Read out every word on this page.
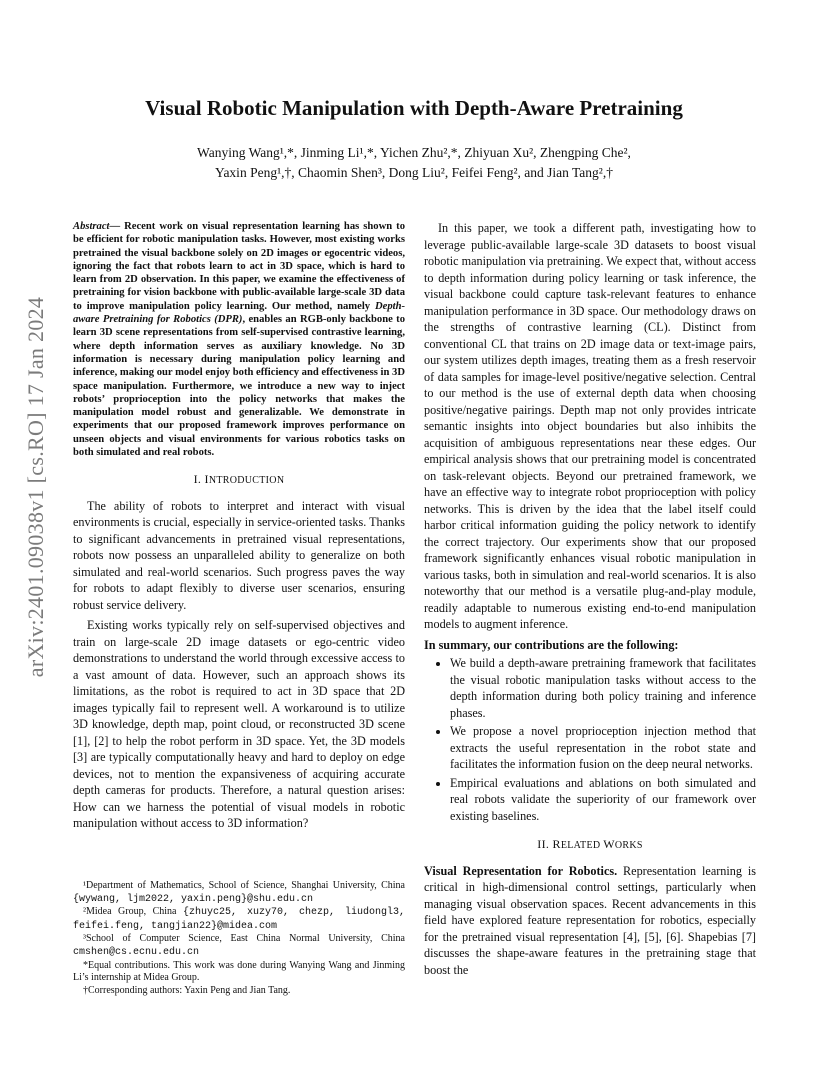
arXiv:2401.09038v1 [cs.RO] 17 Jan 2024
Visual Robotic Manipulation with Depth-Aware Pretraining
Wanying Wang¹,*, Jinming Li¹,*, Yichen Zhu²,*, Zhiyuan Xu², Zhengping Che²,
Yaxin Peng¹,†, Chaomin Shen³, Dong Liu², Feifei Feng², and Jian Tang²,†
Abstract— Recent work on visual representation learning has shown to be efficient for robotic manipulation tasks. However, most existing works pretrained the visual backbone solely on 2D images or egocentric videos, ignoring the fact that robots learn to act in 3D space, which is hard to learn from 2D observation. In this paper, we examine the effectiveness of pretraining for vision backbone with public-available large-scale 3D data to improve manipulation policy learning. Our method, namely Depth-aware Pretraining for Robotics (DPR), enables an RGB-only backbone to learn 3D scene representations from self-supervised contrastive learning, where depth information serves as auxiliary knowledge. No 3D information is necessary during manipulation policy learning and inference, making our model enjoy both efficiency and effectiveness in 3D space manipulation. Furthermore, we introduce a new way to inject robots’ proprioception into the policy networks that makes the manipulation model robust and generalizable. We demonstrate in experiments that our proposed framework improves performance on unseen objects and visual environments for various robotics tasks on both simulated and real robots.
I. INTRODUCTION

The ability of robots to interpret and interact with visual environments is crucial, especially in service-oriented tasks. Thanks to significant advancements in pretrained visual representations, robots now possess an unparalleled ability to generalize on both simulated and real-world scenarios. Such progress paves the way for robots to adapt flexibly to diverse user scenarios, ensuring robust service delivery.

Existing works typically rely on self-supervised objectives and train on large-scale 2D image datasets or ego-centric video demonstrations to understand the world through excessive access to a vast amount of data. However, such an approach shows its limitations, as the robot is required to act in 3D space that 2D images typically fail to represent well. A workaround is to utilize 3D knowledge, depth map, point cloud, or reconstructed 3D scene [1], [2] to help the robot perform in 3D space. Yet, the 3D models [3] are typically computationally heavy and hard to deploy on edge devices, not to mention the expansiveness of acquiring accurate depth cameras for products. Therefore, a natural question arises: How can we harness the potential of visual models in robotic manipulation without access to 3D information?

¹Department of Mathematics, School of Science, Shanghai University, China {wywang, ljm2022, yaxin.peng}@shu.edu.cn

²Midea Group, China {zhuyc25, xuzy70, chezp, liudongl3, feifei.feng, tangjian22}@midea.com

³School of Computer Science, East China Normal University, China cmshen@cs.ecnu.edu.cn

*Equal contributions. This work was done during Wanying Wang and Jinming Li’s internship at Midea Group.

†Corresponding authors: Yaxin Peng and Jian Tang.

In this paper, we took a different path, investigating how to leverage public-available large-scale 3D datasets to boost visual robotic manipulation via pretraining. We expect that, without access to depth information during policy learning or task inference, the visual backbone could capture task-relevant features to enhance manipulation performance in 3D space. Our methodology draws on the strengths of contrastive learning (CL). Distinct from conventional CL that trains on 2D image data or text-image pairs, our system utilizes depth images, treating them as a fresh reservoir of data samples for image-level positive/negative selection. Central to our method is the use of external depth data when choosing positive/negative pairings. Depth map not only provides intricate semantic insights into object boundaries but also inhibits the acquisition of ambiguous representations near these edges. Our empirical analysis shows that our pretraining model is concentrated on task-relevant objects. Beyond our pretrained framework, we have an effective way to integrate robot proprioception with policy networks. This is driven by the idea that the label itself could harbor critical information guiding the policy network to identify the correct trajectory. Our experiments show that our proposed framework significantly enhances visual robotic manipulation in various tasks, both in simulation and real-world scenarios. It is also noteworthy that our method is a versatile plug-and-play module, readily adaptable to numerous existing end-to-end manipulation models to augment inference.

In summary, our contributions are the following:

• We build a depth-aware pretraining framework that facilitates the visual robotic manipulation tasks without access to the depth information during both policy training and inference phases.
• We propose a novel proprioception injection method that extracts the useful representation in the robot state and facilitates the information fusion on the deep neural networks.
• Empirical evaluations and ablations on both simulated and real robots validate the superiority of our framework over existing baselines.
II. RELATED WORKS

Visual Representation for Robotics. Representation learning is critical in high-dimensional control settings, particularly when managing visual observation spaces. Recent advancements in this field have explored feature representation for robotics, especially for the pretrained visual representation [4], [5], [6]. Shapebias [7] discusses the shape-aware features in the pretraining stage that boost the
